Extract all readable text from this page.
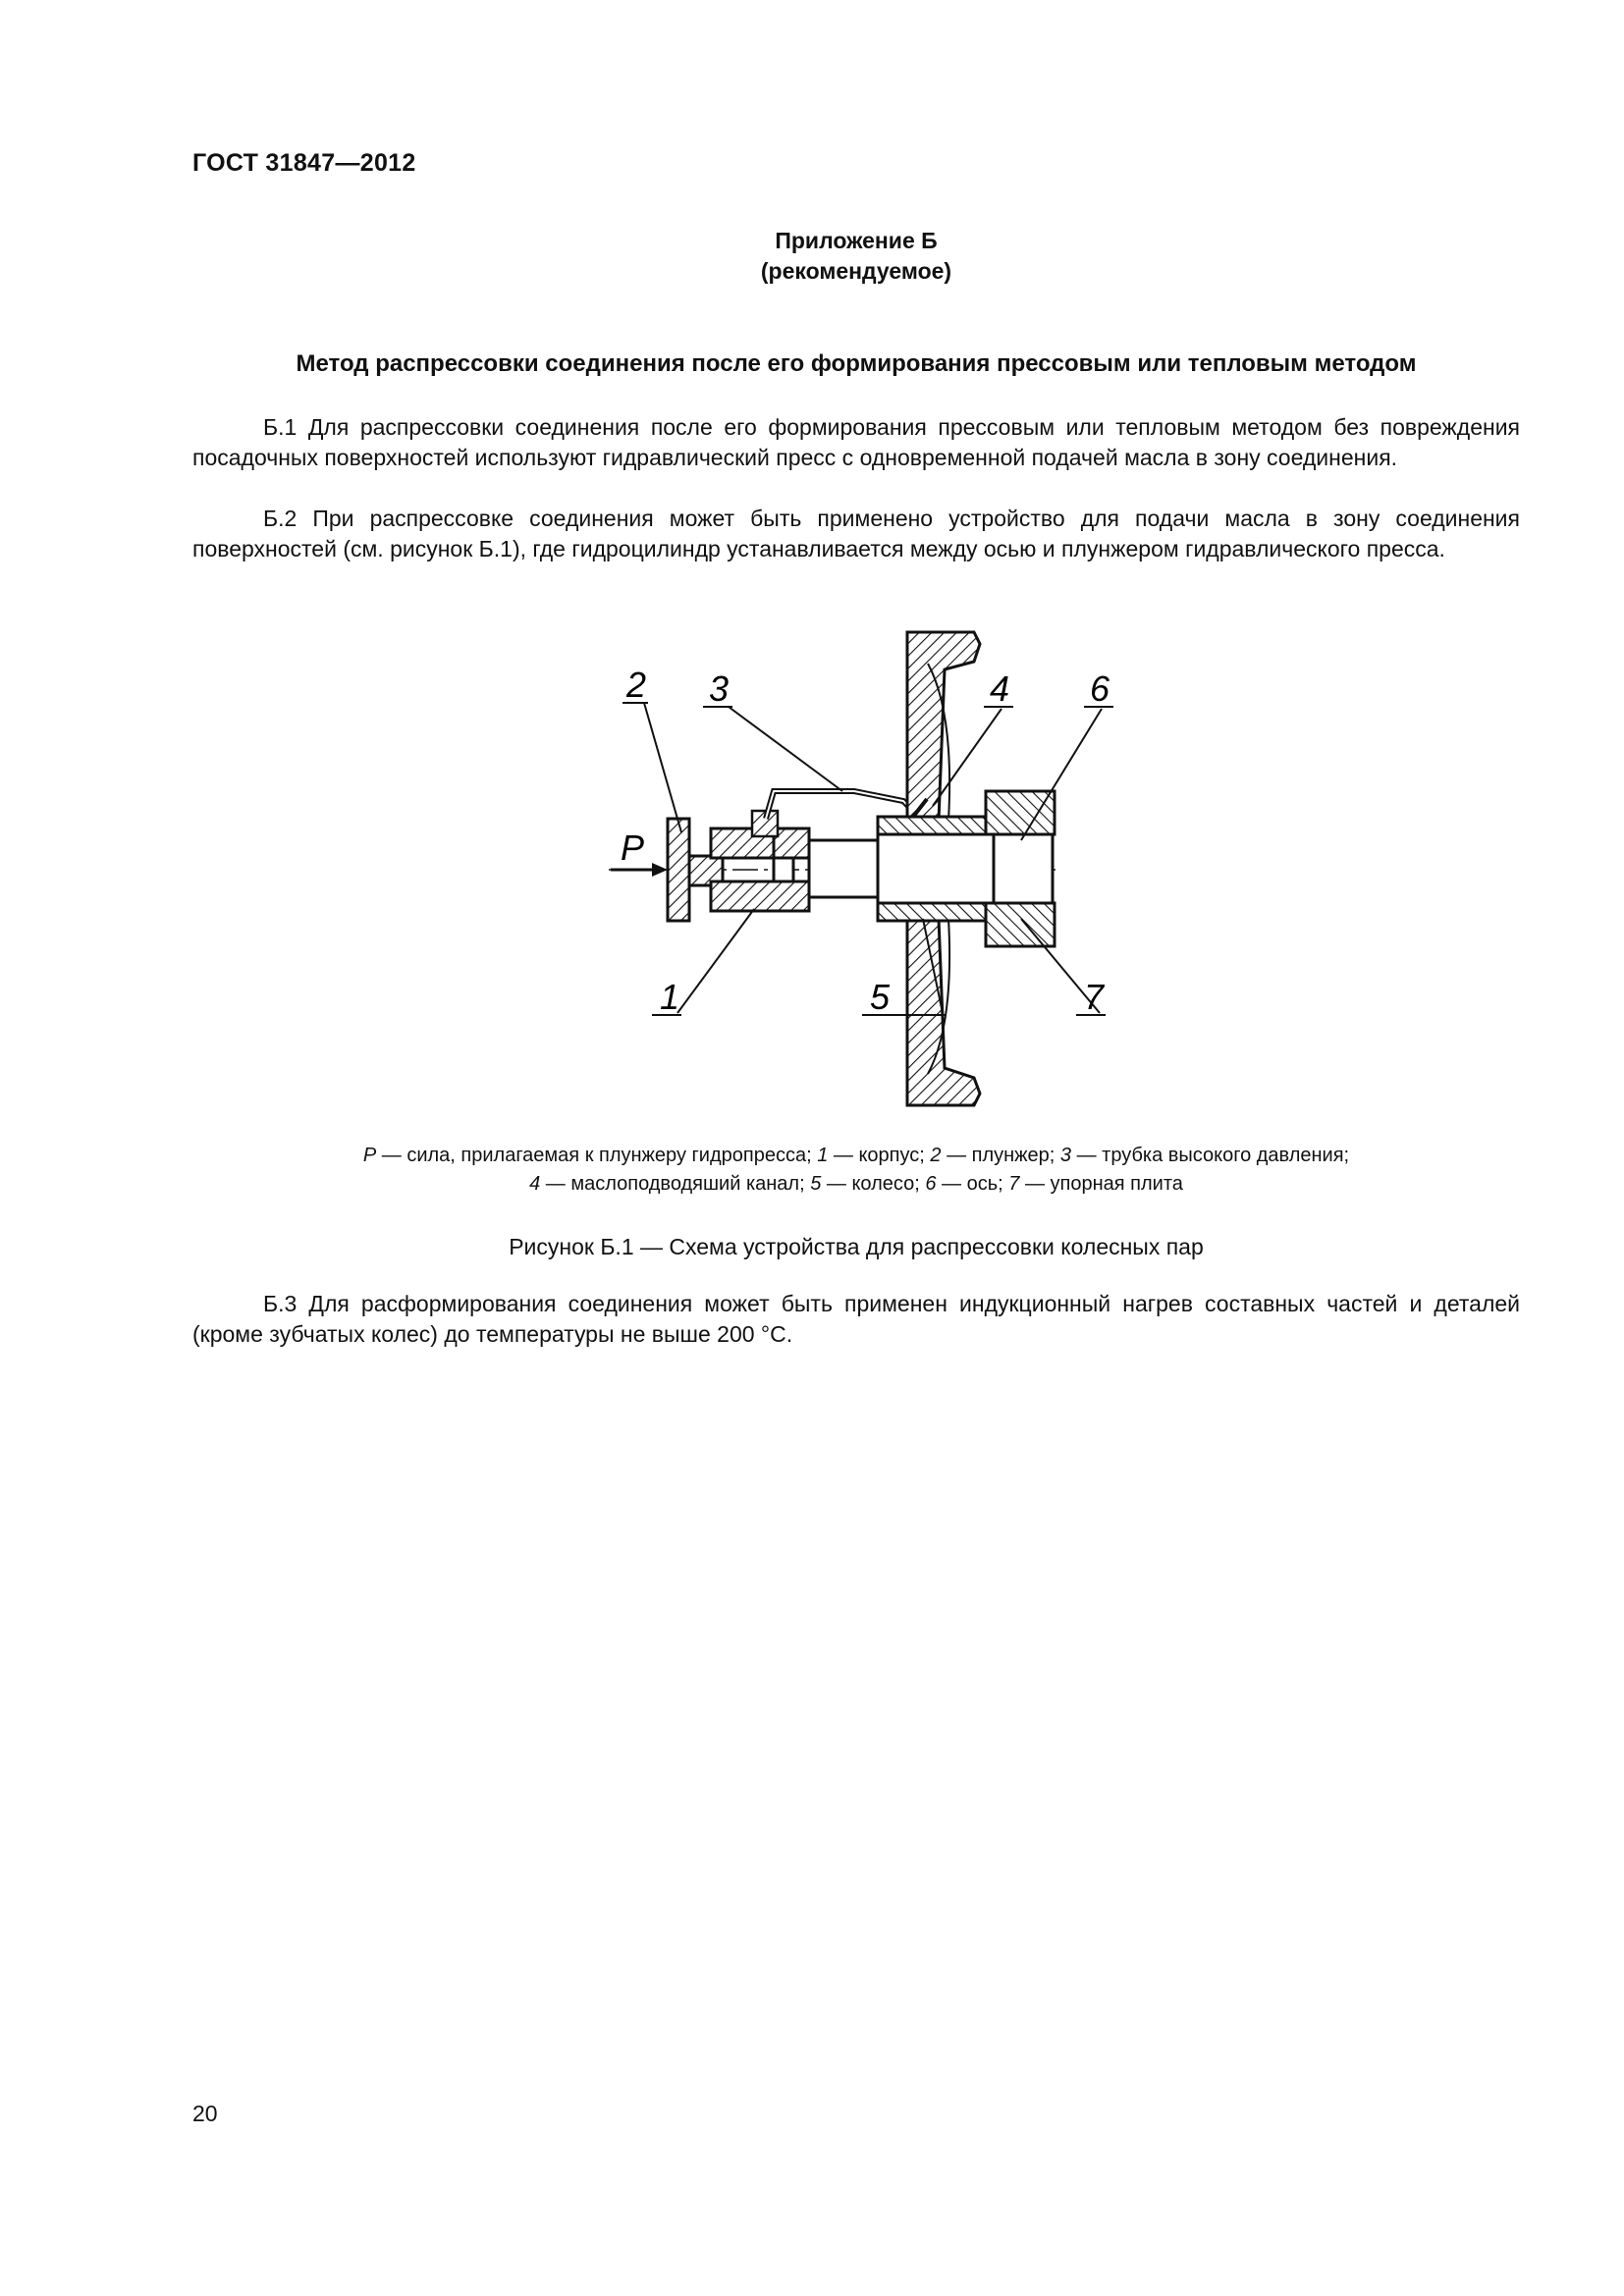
ГОСТ 31847—2012
Приложение Б
(рекомендуемое)
Метод распрессовки соединения после его формирования прессовым или тепловым методом

Б.1 Для распрессовки соединения после его формирования прессовым или тепловым методом без повреждения посадочных поверхностей используют гидравлический пресс с одновременной подачей масла в зону соединения.

Б.2 При распрессовке соединения может быть применено устройство для подачи масла в зону соединения поверхностей (см. рисунок Б.1), где гидроцилиндр устанавливается между осью и плунжером гидравлического пресса.

P
2 3	4 6
1	5	7
P — сила, прилагаемая к плунжеру гидропресса; 1 — корпус; 2 — плунжер; 3 — трубка высокого давления;
4 — маслоподводяший канал; 5 — колесо; 6 — ось; 7 — упорная плита
Рисунок Б.1 — Схема устройства для распрессовки колесных пар

Б.3 Для расформирования соединения может быть применен индукционный нагрев составных частей и деталей (кроме зубчатых колес) до температуры не выше 200 °С.

20
